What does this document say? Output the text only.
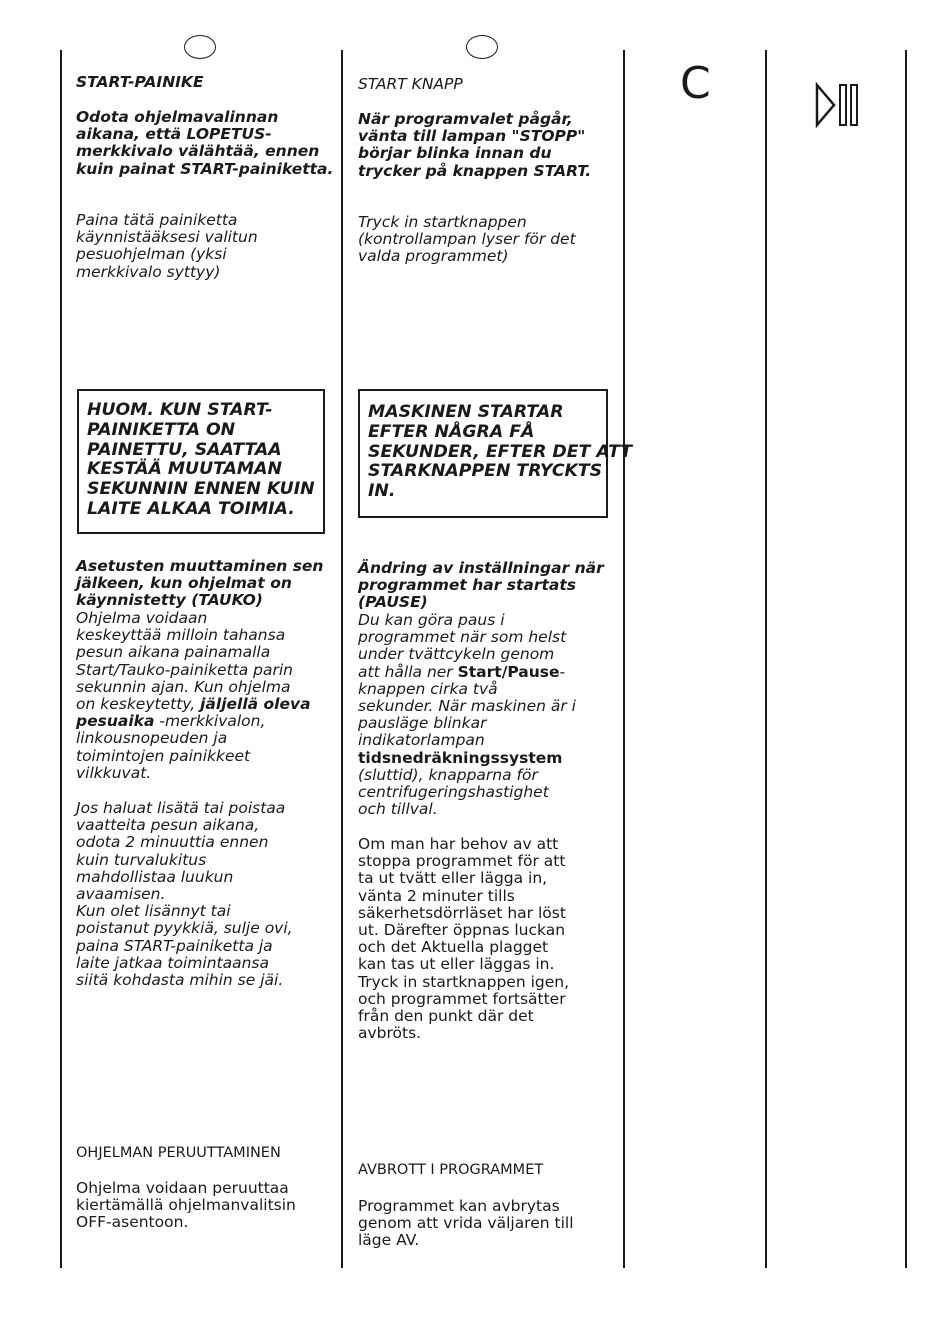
START-PAINIKE

Odota ohjelmavalinnan
aikana, että LOPETUS-
merkkivalo välähtää, ennen
kuin painat START-painiketta.

Paina tätä painiketta
käynnistääksesi valitun
pesuohjelman (yksi
merkkivalo syttyy)

HUOM. KUN START-
PAINIKETTA ON
PAINETTU, SAATTAA
KESTÄÄ MUUTAMAN
SEKUNNIN ENNEN KUIN
LAITE ALKAA TOIMIA.

Asetusten muuttaminen sen
jälkeen, kun ohjelmat on
käynnistetty (TAUKO)

Ohjelma voidaan
keskeyttää milloin tahansa
pesun aikana painamalla
Start/Tauko-painiketta parin
sekunnin ajan. Kun ohjelma
on keskeytetty, jäljellä oleva
pesuaika -merkkivalon,
linkousnopeuden ja
toimintojen painikkeet
vilkkuvat.

Jos haluat lisätä tai poistaa
vaatteita pesun aikana,
odota 2 minuuttia ennen
kuin turvalukitus
mahdollistaa luukun
avaamisen.
Kun olet lisännyt tai
poistanut pyykkiä, sulje ovi,
paina START-painiketta ja
laite jatkaa toimintaansa
siitä kohdasta mihin se jäi.

OHJELMAN PERUUTTAMINEN

Ohjelma voidaan peruuttaa
kiertämällä ohjelmanvalitsin
OFF-asentoon.

START KNAPP

När programvalet pågår,
vänta till lampan "STOPP"
börjar blinka innan du
trycker på knappen START.

Tryck in startknappen
(kontrollampan lyser för det
valda programmet)

MASKINEN STARTAR
EFTER NÅGRA FÅ
SEKUNDER, EFTER DET ATT
STARKNAPPEN TRYCKTS
IN.

Ändring av inställningar när
programmet har startats
(PAUSE)

Du kan göra paus i
programmet när som helst
under tvättcykeln genom
att hålla ner Start/Pause-
knappen cirka två
sekunder. När maskinen är i
pausläge blinkar
indikatorlampan
tidsnedräkningssystem
(sluttid), knapparna för
centrifugeringshastighet
och tillval.

Om man har behov av att
stoppa programmet för att
ta ut tvätt eller lägga in,
vänta 2 minuter tills
säkerhetsdörrläset har löst
ut. Därefter öppnas luckan
och det Aktuella plagget
kan tas ut eller läggas in.
Tryck in startknappen igen,
och programmet fortsätter
från den punkt där det
avbröts.

AVBROTT I PROGRAMMET

Programmet kan avbrytas
genom att vrida väljaren till
läge AV.

C
